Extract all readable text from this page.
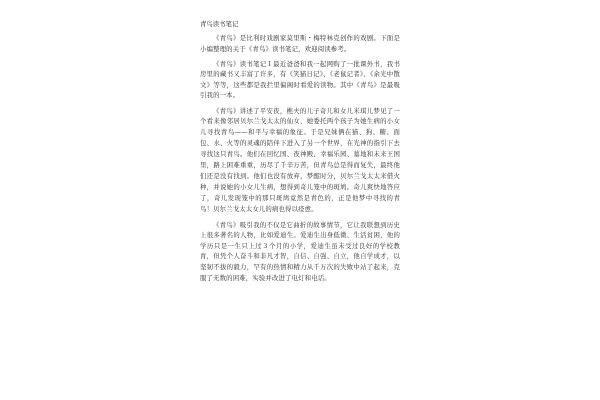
青鸟读书笔记

《青鸟》是比利时戏剧家莫里斯・梅特林克创作的戏剧。下面是小编整理的关于《青鸟》读书笔记，欢迎阅读参考。

《青鸟》读书笔记１最近爸爸和我一起网购了一批课外书，我书房里的藏书又丰富了许多，有《笑猫日记》、《老鼠记者》、《余光中散文》等等，这些都是我拦里偏阁时看爱的读物。其中《青鸟》是最吸引我的一本。

《青鸟》讲述了平安夜，樵夫的儿子奇儿和女儿米琪儿梦见了一个看来像邻居贝尔兰戈太太的仙女，她委托两个孩子为她生病的小女儿寻找青鸟——和平与幸福的象征。于是兄妹俩在猫、狗、糖、面包、水、火等的灵魂的陪伴下进入了另一个世界，在光神的指引下去寻找这只青鸟。他们在回忆国、夜神殿、幸福乐园、墓地和未来王国里，路上困难重重，历尽了千辛万苦，但青鸟总是得而复失，最终他们还是没有找到。他们也没有放弃，梦醒时分，贝尔兰戈太太来借火种，并说她的小女儿生病，想得到奇儿笼中的斑鸠。奇儿爽快地答应了，奇儿发现笼中的那只斑鸠竟然是青色的，正是他梦中寻找的青鸟！贝尔兰戈太太女儿的病也得以痊愈。

《青鸟》吸引我的不仅是它曲折的故事情节，它让我联想到历史上很多著名的人物，比如爱迪生。爱迪生出身低微、生活贫困，他的学历只是一生只上过３个月的小学，爱迪生虽未受过良好的学校教育，但凭个人奋斗和非凡才智，自信、自强、自立，他自学成才，以坚韧不拔的毅力，罕有的热情和精力从千万次的失败中站了起来，克服了无数的困难，实验并改进了电灯和电话。
